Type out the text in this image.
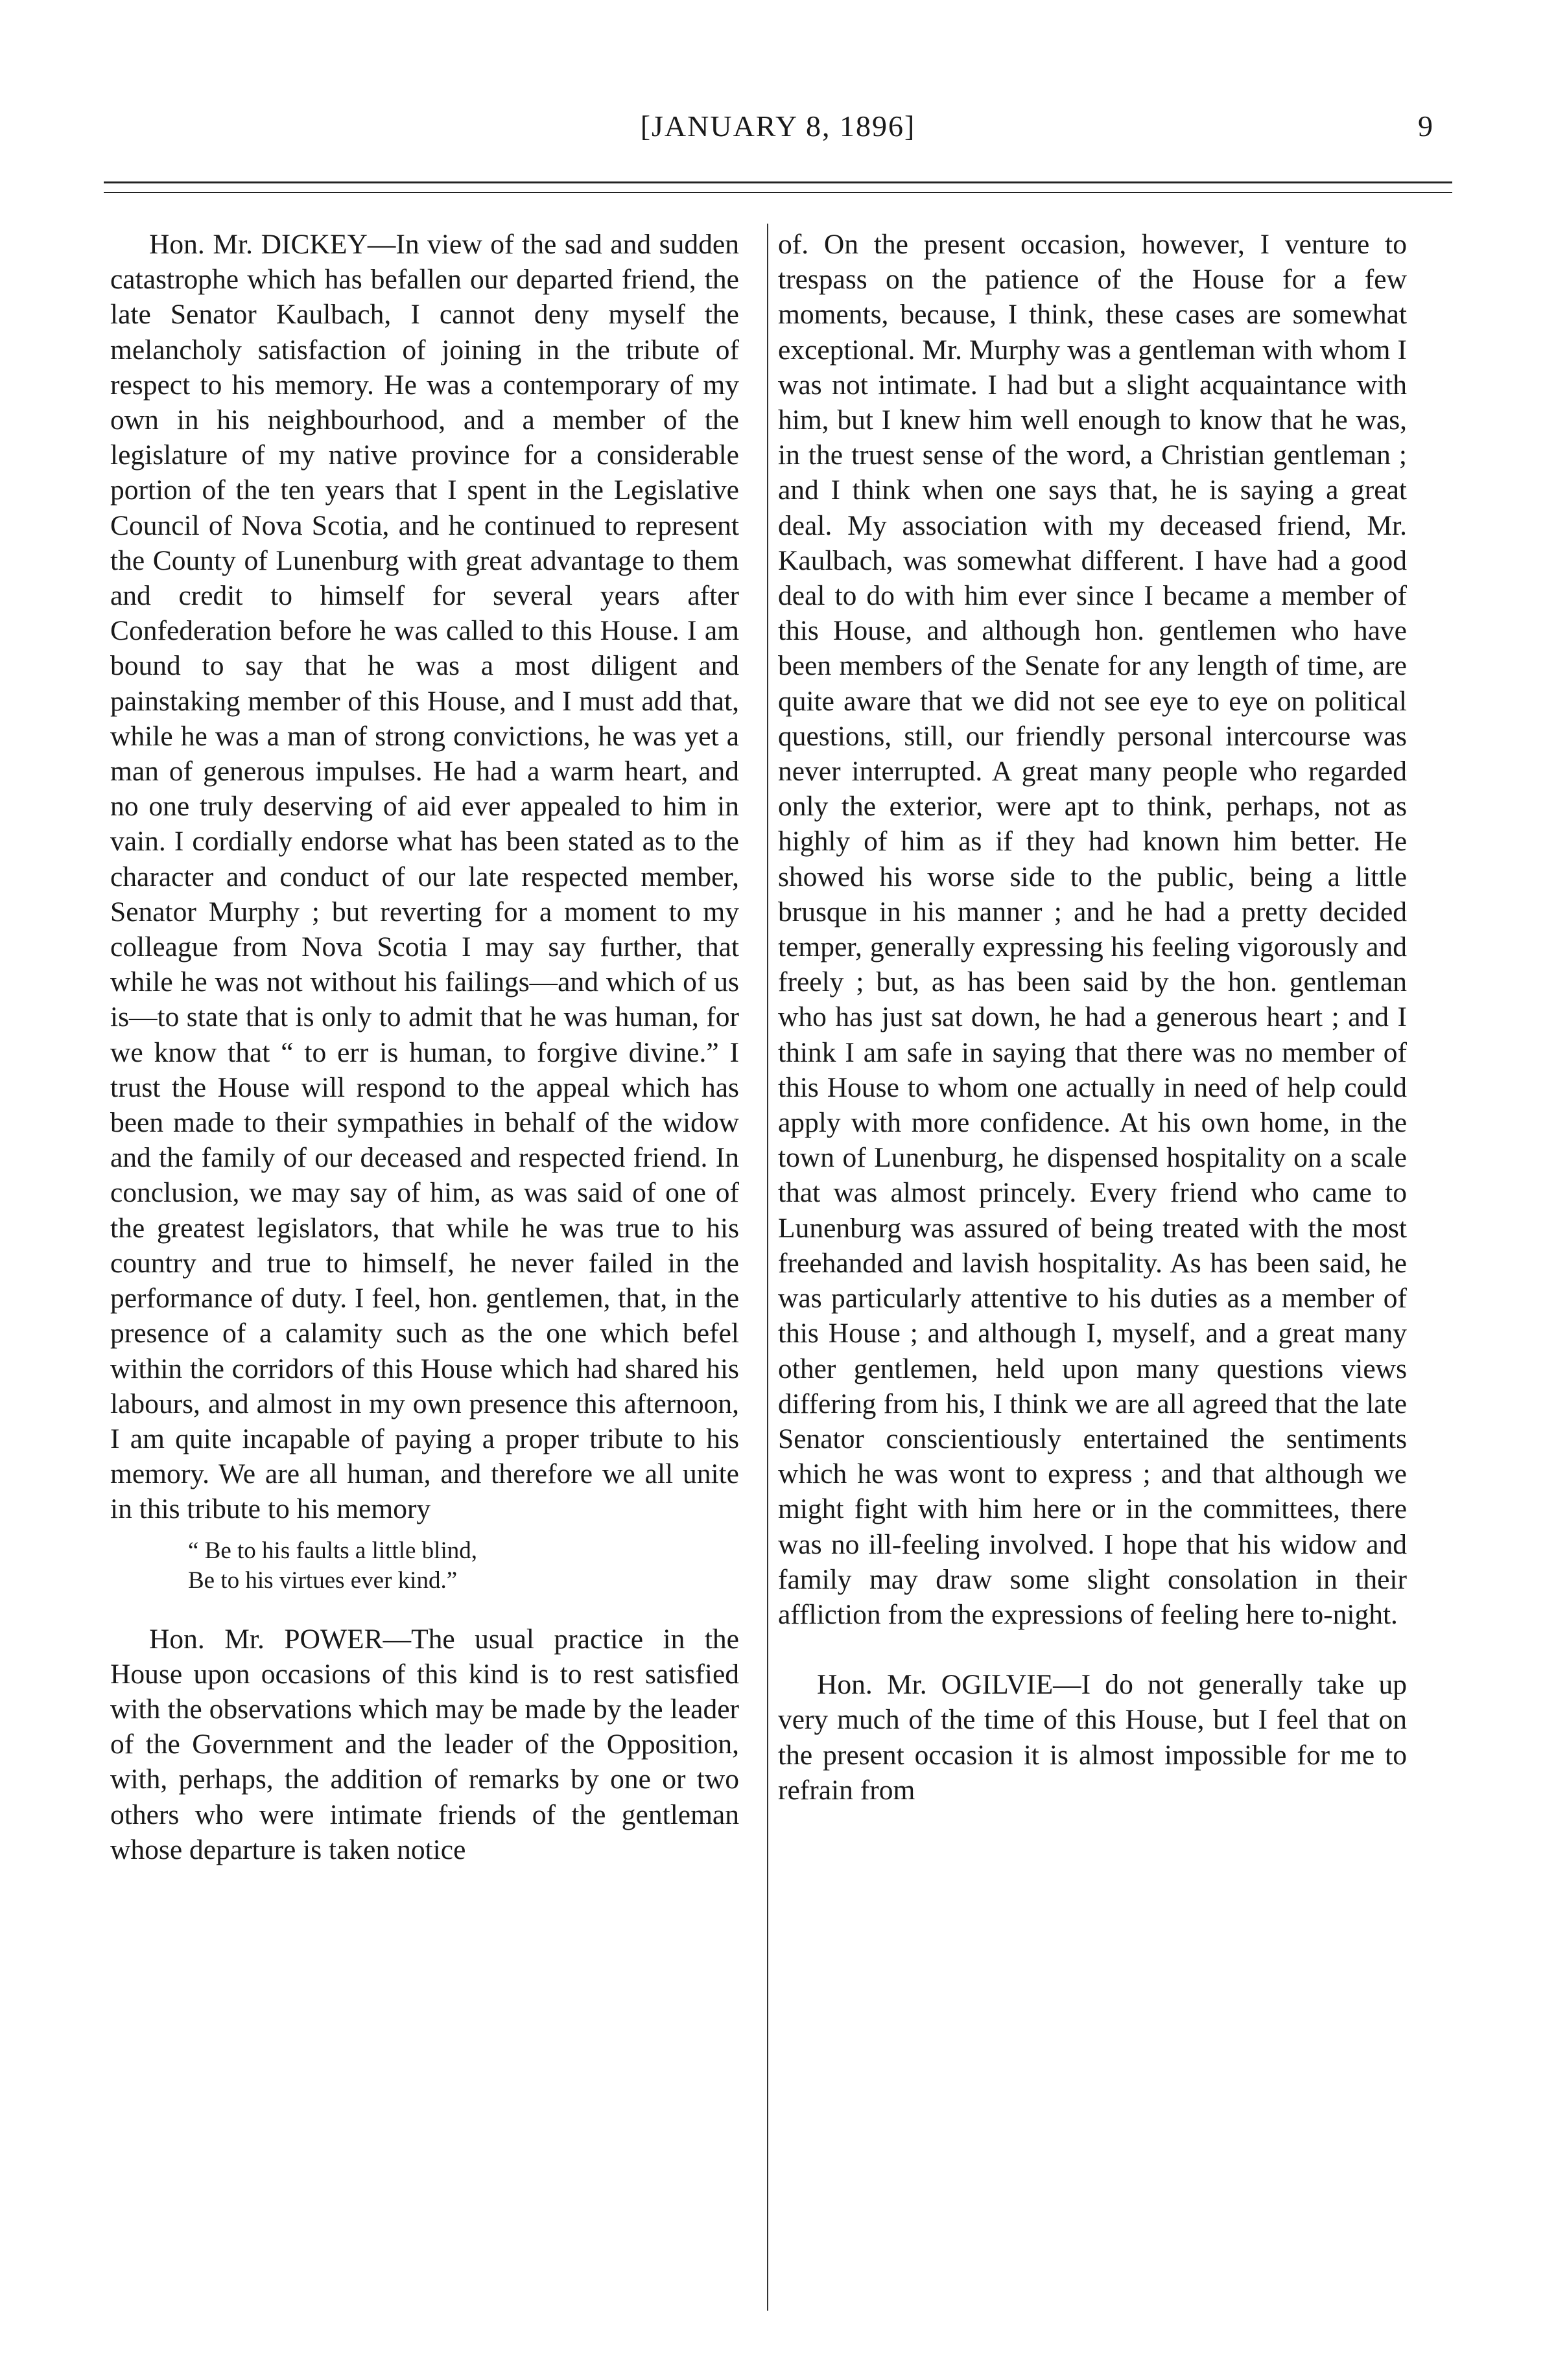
[JANUARY 8, 1896]	9

Hon. Mr. DICKEY—In view of the sad and sudden catastrophe which has befallen our departed friend, the late Senator Kaulbach, I cannot deny myself the melancholy satisfaction of joining in the tribute of respect to his memory. He was a contemporary of my own in his neighbourhood, and a member of the legislature of my native province for a considerable portion of the ten years that I spent in the Legislative Council of Nova Scotia, and he continued to represent the County of Lunenburg with great advantage to them and credit to himself for several years after Confederation before he was called to this House. I am bound to say that he was a most diligent and painstaking member of this House, and I must add that, while he was a man of strong convictions, he was yet a man of generous impulses. He had a warm heart, and no one truly deserving of aid ever appealed to him in vain. I cordially endorse what has been stated as to the character and conduct of our late respected member, Senator Murphy ; but reverting for a moment to my colleague from Nova Scotia I may say further, that while he was not without his failings—and which of us is—to state that is only to admit that he was human, for we know that “ to err is human, to forgive divine.” I trust the House will respond to the appeal which has been made to their sympathies in behalf of the widow and the family of our deceased and respected friend. In conclusion, we may say of him, as was said of one of the greatest legislators, that while he was true to his country and true to himself, he never failed in the performance of duty. I feel, hon. gentlemen, that, in the presence of a calamity such as the one which befel within the corridors of this House which had shared his labours, and almost in my own presence this afternoon, I am quite incapable of paying a proper tribute to his memory. We are all human, and therefore we all unite in this tribute to his memory

“ Be to his faults a little blind,
Be to his virtues ever kind.”

Hon. Mr. POWER—The usual practice in the House upon occasions of this kind is to rest satisfied with the observations which may be made by the leader of the Government and the leader of the Opposition, with, perhaps, the addition of remarks by one or two others who were intimate friends of the gentleman whose departure is taken notice

of. On the present occasion, however, I venture to trespass on the patience of the House for a few moments, because, I think, these cases are somewhat exceptional. Mr. Murphy was a gentleman with whom I was not intimate. I had but a slight acquaintance with him, but I knew him well enough to know that he was, in the truest sense of the word, a Christian gentleman ; and I think when one says that, he is saying a great deal. My association with my deceased friend, Mr. Kaulbach, was somewhat different. I have had a good deal to do with him ever since I became a member of this House, and although hon. gentlemen who have been members of the Senate for any length of time, are quite aware that we did not see eye to eye on political questions, still, our friendly personal intercourse was never interrupted. A great many people who regarded only the exterior, were apt to think, perhaps, not as highly of him as if they had known him better. He showed his worse side to the public, being a little brusque in his manner ; and he had a pretty decided temper, generally expressing his feeling vigorously and freely ; but, as has been said by the hon. gentleman who has just sat down, he had a generous heart ; and I think I am safe in saying that there was no member of this House to whom one actually in need of help could apply with more confidence. At his own home, in the town of Lunenburg, he dispensed hospitality on a scale that was almost princely. Every friend who came to Lunenburg was assured of being treated with the most freehanded and lavish hospitality. As has been said, he was particularly attentive to his duties as a member of this House ; and although I, myself, and a great many other gentlemen, held upon many questions views differing from his, I think we are all agreed that the late Senator conscientiously entertained the sentiments which he was wont to express ; and that although we might fight with him here or in the committees, there was no ill-feeling involved. I hope that his widow and family may draw some slight consolation in their affliction from the expressions of feeling here to-night.

Hon. Mr. OGILVIE—I do not generally take up very much of the time of this House, but I feel that on the present occasion it is almost impossible for me to refrain from
